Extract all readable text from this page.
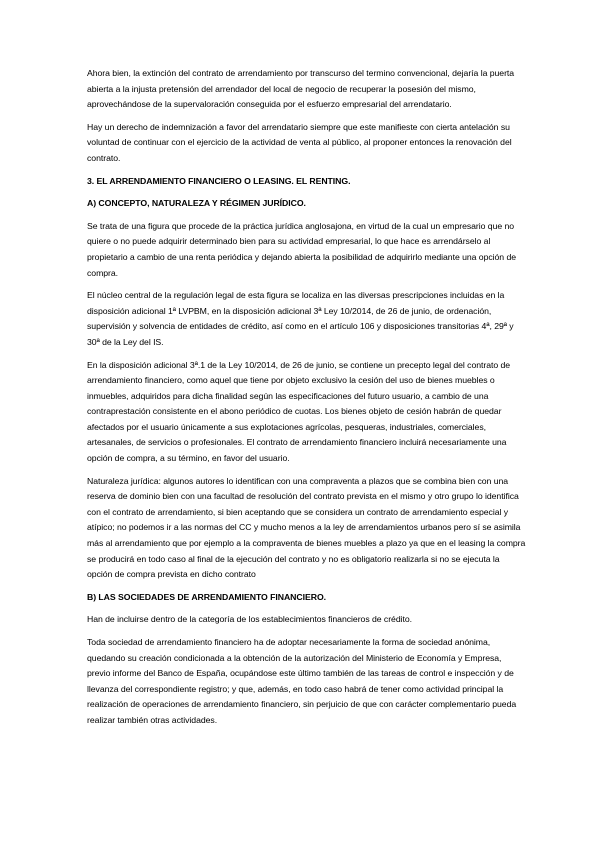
Ahora bien, la extinción del contrato de arrendamiento por transcurso del termino convencional, dejaría la puerta abierta a la injusta pretensión del arrendador del local de negocio de recuperar la posesión del mismo, aprovechándose de la supervaloración conseguida por el esfuerzo empresarial del arrendatario.

Hay un derecho de indemnización a favor del arrendatario siempre que este manifieste con cierta antelación su voluntad de continuar con el ejercicio de la actividad de venta al público, al proponer entonces la renovación del contrato.

3. EL ARRENDAMIENTO FINANCIERO O LEASING. EL RENTING.

A) CONCEPTO, NATURALEZA Y RÉGIMEN JURÍDICO.

Se trata de una figura que procede de la práctica jurídica anglosajona, en virtud de la cual un empresario que no quiere o no puede adquirir determinado bien para su actividad empresarial, lo que hace es arrendárselo al propietario a cambio de una renta periódica y dejando abierta la posibilidad de adquirirlo mediante una opción de compra.

El núcleo central de la regulación legal de esta figura se localiza en las diversas prescripciones incluidas en la disposición adicional 1ª LVPBM, en la disposición adicional 3ª Ley 10/2014, de 26 de junio, de ordenación, supervisión y solvencia de entidades de crédito, así como en el artículo 106 y disposiciones transitorias 4ª, 29ª y 30ª de la Ley del IS.

En la disposición adicional 3ª.1 de la Ley 10/2014, de 26 de junio, se contiene un precepto legal del contrato de arrendamiento financiero, como aquel que tiene por objeto exclusivo la cesión del uso de bienes muebles o inmuebles, adquiridos para dicha finalidad según las especificaciones del futuro usuario, a cambio de una contraprestación consistente en el abono periódico de cuotas. Los bienes objeto de cesión habrán de quedar afectados por el usuario únicamente a sus explotaciones agrícolas, pesqueras, industriales, comerciales, artesanales, de servicios o profesionales. El contrato de arrendamiento financiero incluirá necesariamente una opción de compra, a su término, en favor del usuario.

Naturaleza jurídica: algunos autores lo identifican con una compraventa a plazos que se combina bien con una reserva de dominio bien con una facultad de resolución del contrato prevista en el mismo y otro grupo lo identifica con el contrato de arrendamiento, si bien aceptando que se considera un contrato de arrendamiento especial y atípico; no podemos ir a las normas del CC y mucho menos a la ley de arrendamientos urbanos pero sí se asimila más al arrendamiento que por ejemplo a la compraventa de bienes muebles a plazo ya que en el leasing la compra se producirá en todo caso al final de la ejecución del contrato y no es obligatorio realizarla si no se ejecuta la opción de compra prevista en dicho contrato

B) LAS SOCIEDADES DE ARRENDAMIENTO FINANCIERO.

Han de incluirse dentro de la categoría de los establecimientos financieros de crédito.

Toda sociedad de arrendamiento financiero ha de adoptar necesariamente la forma de sociedad anónima, quedando su creación condicionada a la obtención de la autorización del Ministerio de Economía y Empresa, previo informe del Banco de España, ocupándose este último también de las tareas de control e inspección y de llevanza del correspondiente registro; y que, además, en todo caso habrá de tener como actividad principal la realización de operaciones de arrendamiento financiero, sin perjuicio de que con carácter complementario pueda realizar también otras actividades.
